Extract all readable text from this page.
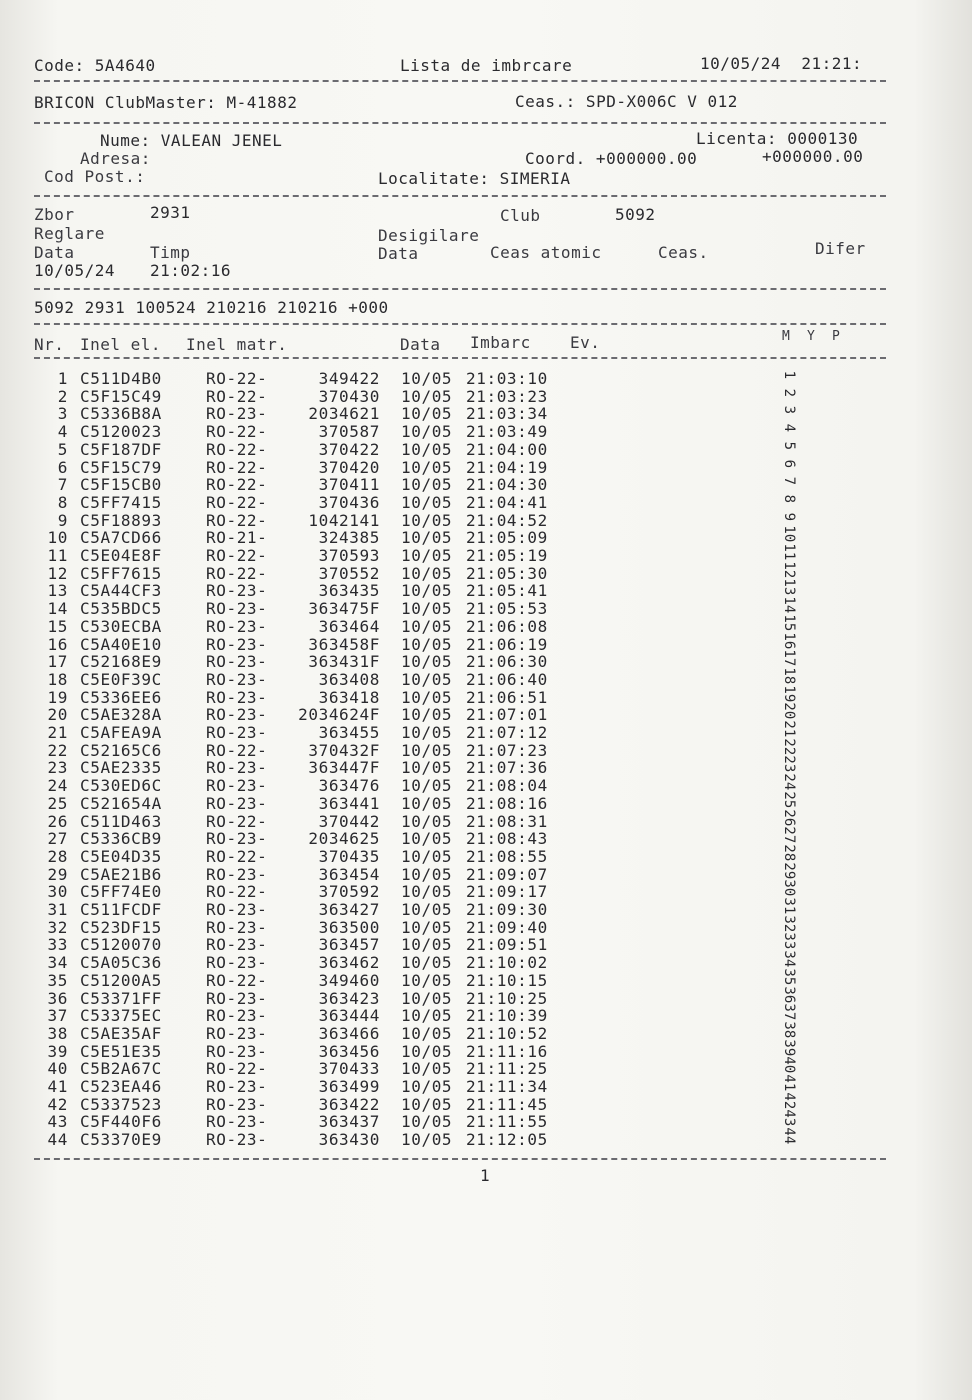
Code: 5A4640	Lista de imbrcare	10/05/24  21:21:
BRICON ClubMaster: M-41882	Ceas.: SPD-X006C V 012
Nume: VALEAN JENEL	Licenta: 0000130
Adresa:	Coord. +000000.00	+000000.00
Cod Post.:	Localitate: SIMERIA
Zbor	2931	Club	5092
Reglare	Desigilare
Data	Timp	Data	Ceas atomic	Ceas.	Difer
10/05/24 21:02:16
5092 2931 100524 210216 210216 +000
Nr. Inel el. Inel matr.	Data Imbarc Ev.	M  Y  P
1 C511D4B0	RO-22-	349422 10/05 21:03:10
2 C5F15C49	RO-22-	370430 10/05 21:03:23
3 C5336B8A	RO-23-	2034621 10/05 21:03:34
4 C5120023	RO-22-	370587 10/05 21:03:49
5 C5F187DF	RO-22-	370422 10/05 21:04:00
6 C5F15C79	RO-22-	370420 10/05 21:04:19
7 C5F15CB0	RO-22-	370411 10/05 21:04:30
8 C5FF7415	RO-22-	370436 10/05 21:04:41
9 C5F18893	RO-22-	1042141 10/05 21:04:52
10 C5A7CD66	RO-21-	324385 10/05 21:05:09
11 C5E04E8F	RO-22-	370593 10/05 21:05:19
12 C5FF7615	RO-22-	370552 10/05 21:05:30
13 C5A44CF3	RO-23-	363435 10/05 21:05:41
14 C535BDC5	RO-23-	363475F 10/05 21:05:53
15 C530ECBA	RO-23-	363464 10/05 21:06:08
16 C5A40E10	RO-23-	363458F 10/05 21:06:19
17 C52168E9	RO-23-	363431F 10/05 21:06:30
18 C5E0F39C	RO-23-	363408 10/05 21:06:40
19 C5336EE6	RO-23-	363418 10/05 21:06:51
20 C5AE328A	RO-23-	2034624F 10/05 21:07:01
21 C5AFEA9A	RO-23-	363455 10/05 21:07:12
22 C52165C6	RO-22-	370432F 10/05 21:07:23
23 C5AE2335	RO-23-	363447F 10/05 21:07:36
24 C530ED6C	RO-23-	363476 10/05 21:08:04
25 C521654A	RO-23-	363441 10/05 21:08:16
26 C511D463	RO-22-	370442 10/05 21:08:31
27 C5336CB9	RO-23-	2034625 10/05 21:08:43
28 C5E04D35	RO-22-	370435 10/05 21:08:55
29 C5AE21B6	RO-23-	363454 10/05 21:09:07
30 C5FF74E0	RO-22-	370592 10/05 21:09:17
31 C511FCDF	RO-23-	363427 10/05 21:09:30
32 C523DF15	RO-23-	363500 10/05 21:09:40
33 C5120070	RO-23-	363457 10/05 21:09:51
34 C5A05C36	RO-23-	363462 10/05 21:10:02
35 C51200A5	RO-22-	349460 10/05 21:10:15
36 C53371FF	RO-23-	363423 10/05 21:10:25
37 C53375EC	RO-23-	363444 10/05 21:10:39
38 C5AE35AF	RO-23-	363466 10/05 21:10:52
39 C5E51E35	RO-23-	363456 10/05 21:11:16
40 C5B2A67C	RO-22-	370433 10/05 21:11:25
41 C523EA46	RO-23-	363499 10/05 21:11:34
42 C5337523	RO-23-	363422 10/05 21:11:45
43 C5F440F6	RO-23-	363437 10/05 21:11:55
44 C53370E9	RO-23-	363430 10/05 21:12:05
1
2
3
4
5
6
7
8
9
10
11
12
13
14
15
16
17
18
19
20
21
22
23
24
25
26
27
28
29
30
31
32
33
34
35
36
37
38
39
40
41
42
43
44
1
